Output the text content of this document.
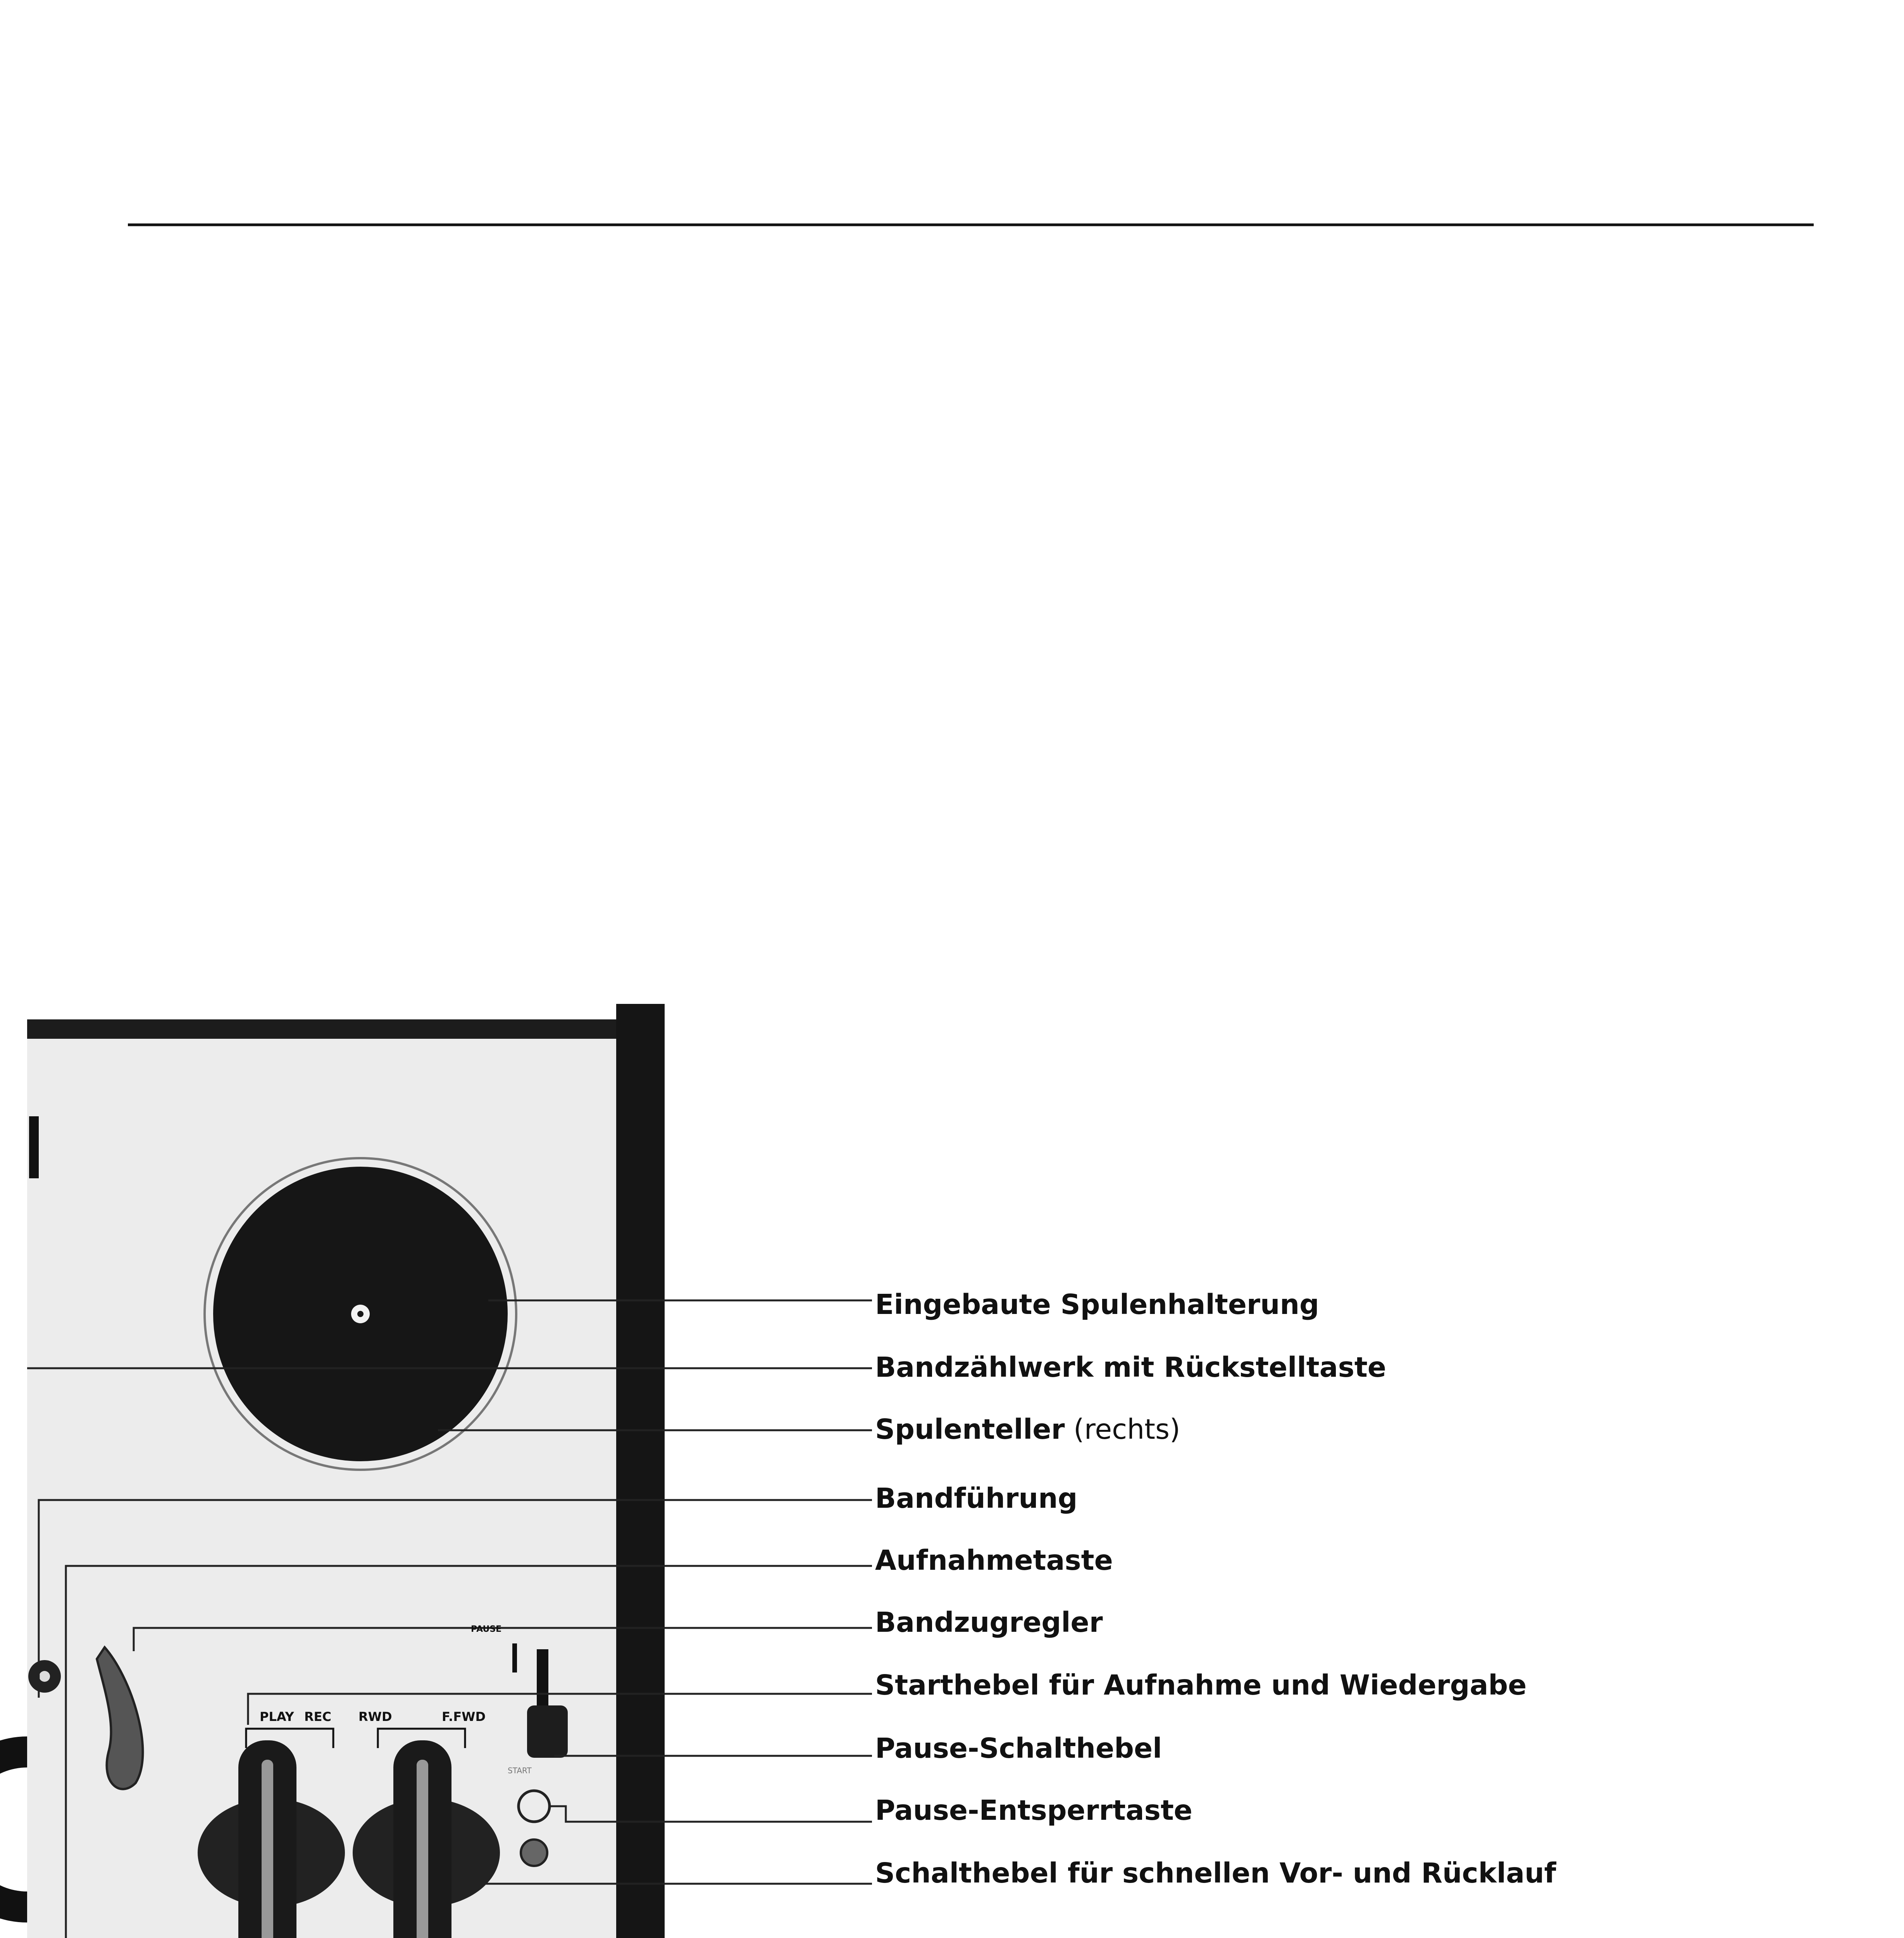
PAUSE
PLAY REC RWD	F.FWD
START
Eingebaute Spulenhalterung
Bandzählwerk mit Rückstelltaste
Spulenteller (rechts)
Bandführung
Aufnahmetaste
Bandzugregler
Starthebel für Aufnahme und Wiedergabe
Pause-Schalthebel
Pause-Entsperrtaste
Schalthebel für schnellen Vor- und Rücklauf
